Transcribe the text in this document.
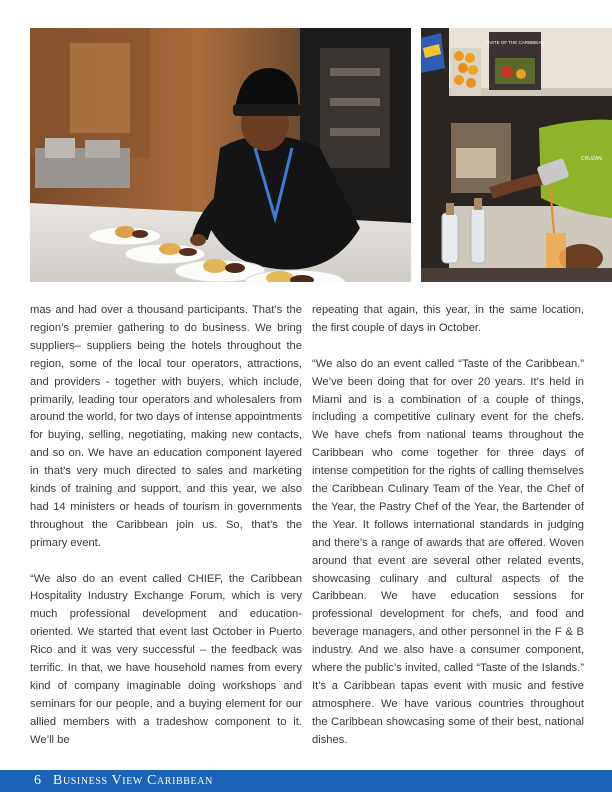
TASTE OF THE CARIBBEAN
CRUZAN

mas and had over a thousand participants. That’s the region’s premier gathering to do business. We bring suppliers– suppliers being the hotels throughout the region, some of the local tour operators, attractions, and providers - together with buyers, which include, primarily, leading tour operators and wholesalers from around the world, for two days of intense appointments for buying, selling, negotiating, making new contacts, and so on. We have an education component layered in that’s very much directed to sales and marketing kinds of training and support, and this year, we also had 14 ministers or heads of tourism in governments throughout the Caribbean join us. So, that’s the primary event.

“We also do an event called CHIEF, the Caribbean Hospitality Industry Exchange Forum, which is very much professional development and education-oriented. We started that event last October in Puerto Rico and it was very successful – the feedback was terrific. In that, we have household names from every kind of company imaginable doing workshops and seminars for our people, and a buying element for our allied members with a tradeshow component to it. We’ll be

repeating that again, this year, in the same location, the first couple of days in October.

“We also do an event called “Taste of the Caribbean.” We’ve been doing that for over 20 years. It’s held in Miami and is a combination of a couple of things, including a competitive culinary event for the chefs. We have chefs from national teams throughout the Caribbean who come together for three days of intense competition for the rights of calling themselves the Caribbean Culinary Team of the Year, the Chef of the Year, the Pastry Chef of the Year, the Bartender of the Year. It follows international standards in judging and there’s a range of awards that are offered. Woven around that event are several other related events, showcasing culinary and cultural aspects of the Caribbean. We have education sessions for professional development for chefs, and food and beverage managers, and other personnel in the F & B industry. And we also have a consumer component, where the public’s invited, called “Taste of the Islands.” It’s a Caribbean tapas event with music and festive atmosphere. We have various countries throughout the Caribbean showcasing some of their best, national dishes.

6 Business View Caribbean
